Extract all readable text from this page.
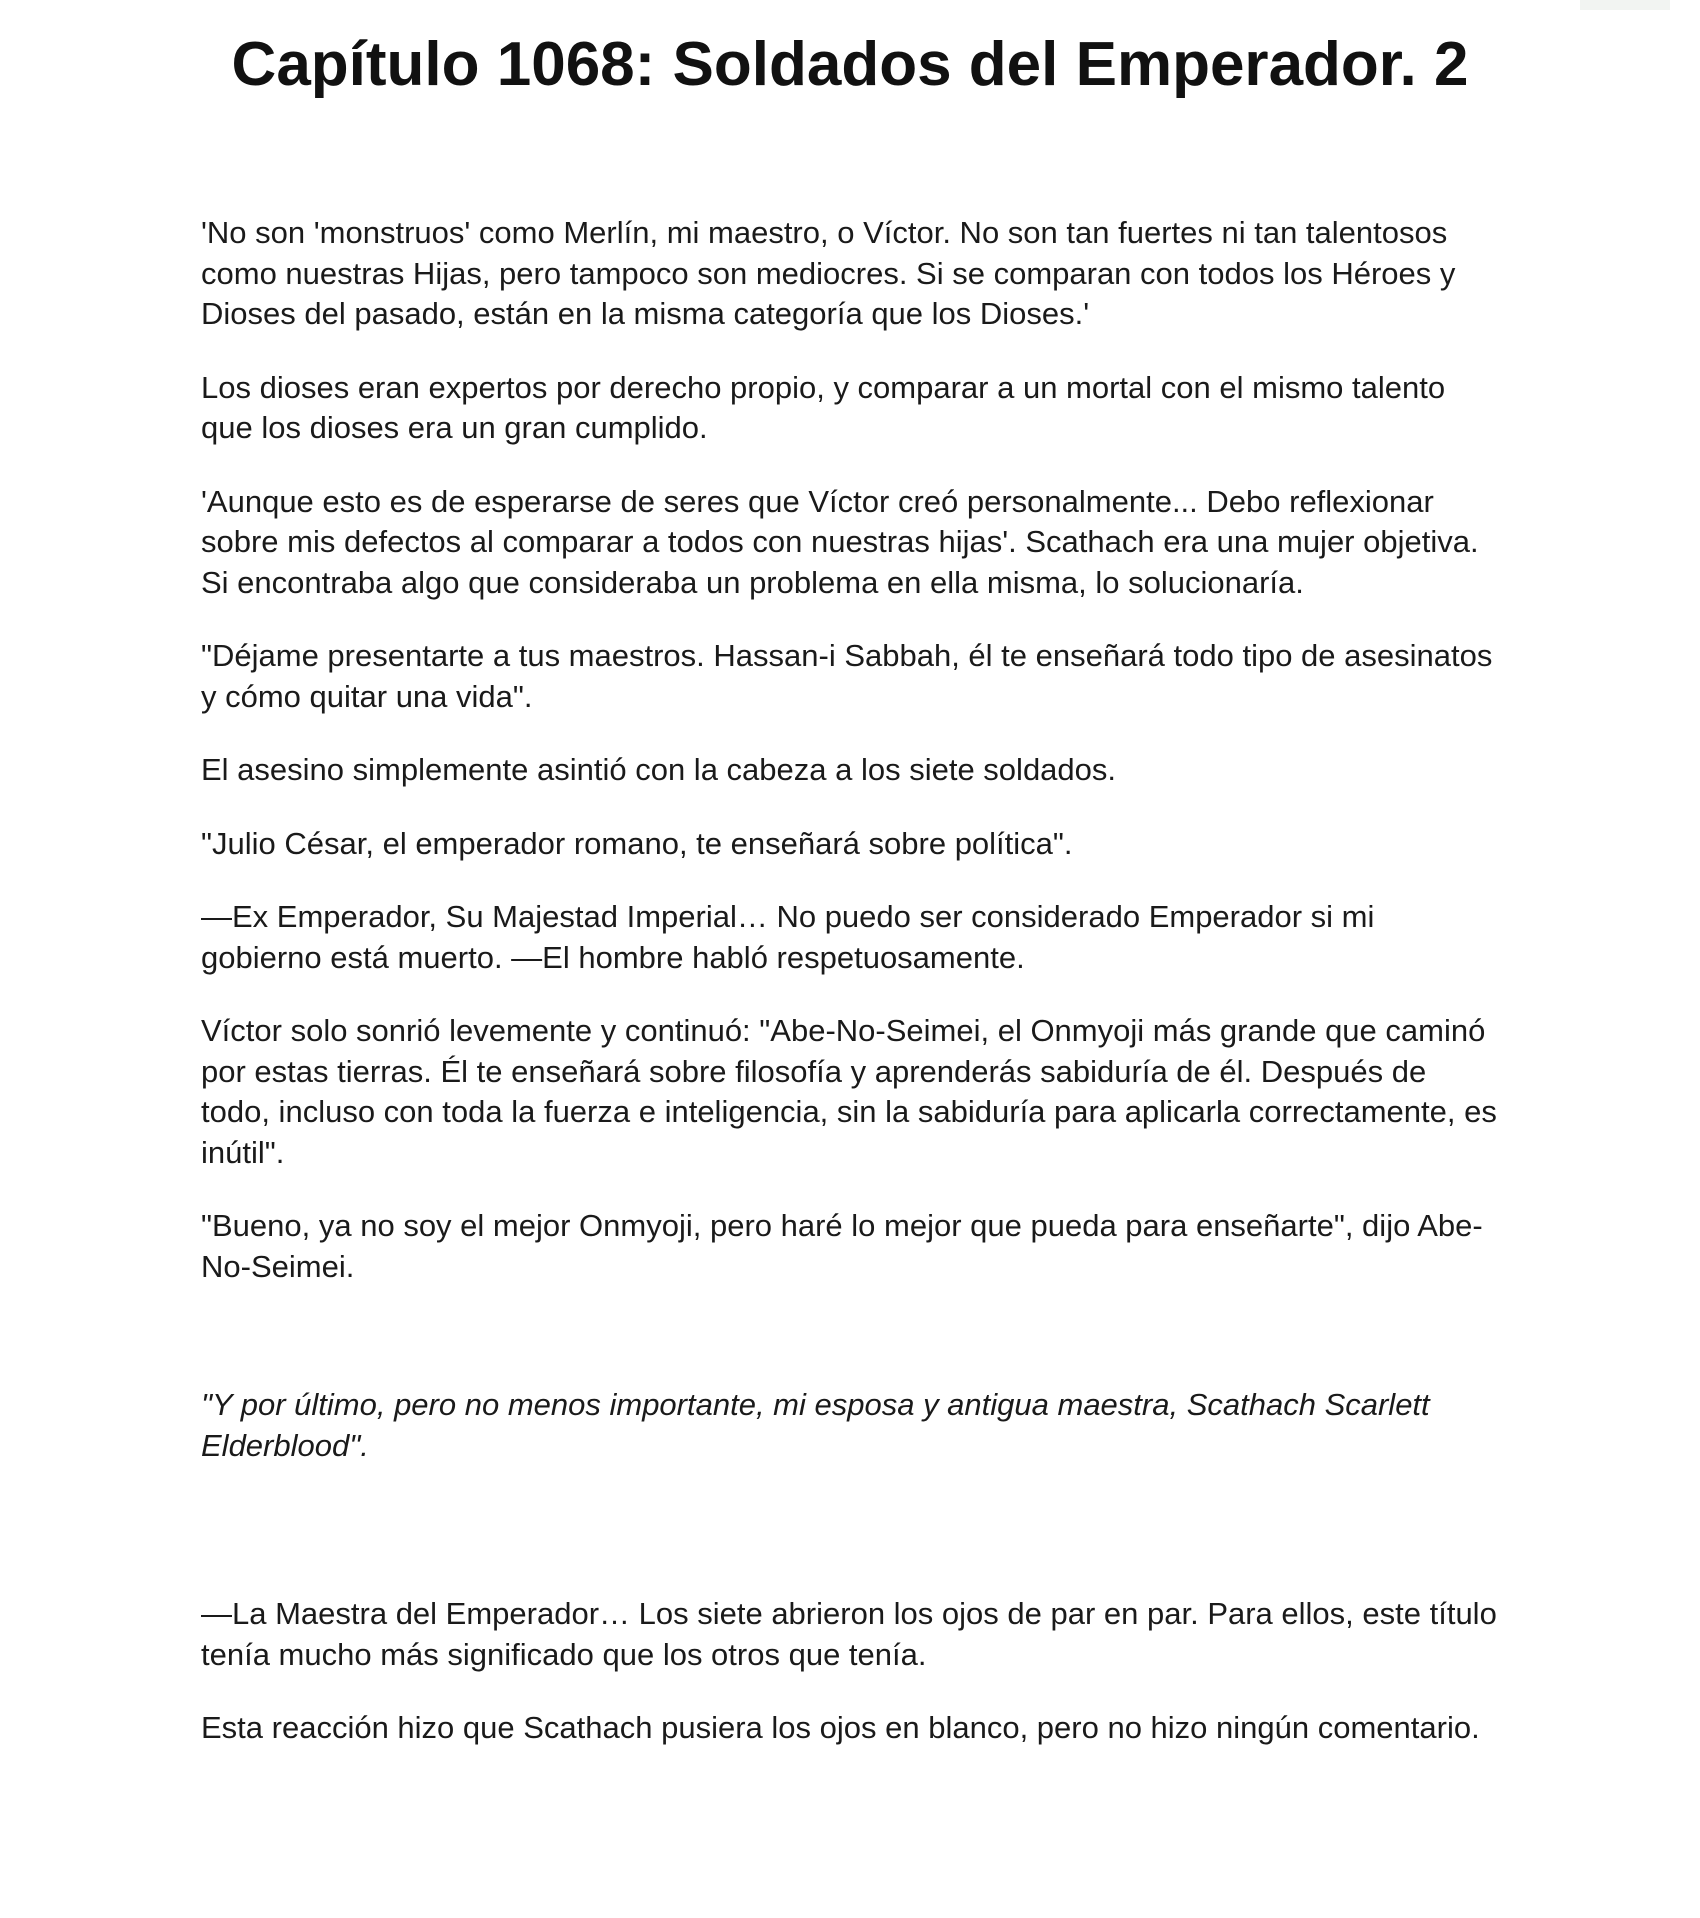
Capítulo 1068: Soldados del Emperador. 2

'No son 'monstruos' como Merlín, mi maestro, o Víctor. No son tan fuertes ni tan talentosos como nuestras Hijas, pero tampoco son mediocres. Si se comparan con todos los Héroes y Dioses del pasado, están en la misma categoría que los Dioses.'

Los dioses eran expertos por derecho propio, y comparar a un mortal con el mismo talento que los dioses era un gran cumplido.

'Aunque esto es de esperarse de seres que Víctor creó personalmente... Debo reflexionar sobre mis defectos al comparar a todos con nuestras hijas'. Scathach era una mujer objetiva. Si encontraba algo que consideraba un problema en ella misma, lo solucionaría.

"Déjame presentarte a tus maestros. Hassan-i Sabbah, él te enseñará todo tipo de asesinatos y cómo quitar una vida".

El asesino simplemente asintió con la cabeza a los siete soldados.

"Julio César, el emperador romano, te enseñará sobre política".

—Ex Emperador, Su Majestad Imperial… No puedo ser considerado Emperador si mi gobierno está muerto. —El hombre habló respetuosamente.

Víctor solo sonrió levemente y continuó: "Abe-No-Seimei, el Onmyoji más grande que caminó por estas tierras. Él te enseñará sobre filosofía y aprenderás sabiduría de él. Después de todo, incluso con toda la fuerza e inteligencia, sin la sabiduría para aplicarla correctamente, es inútil".

"Bueno, ya no soy el mejor Onmyoji, pero haré lo mejor que pueda para enseñarte", dijo Abe-No-Seimei.

"Y por último, pero no menos importante, mi esposa y antigua maestra, Scathach Scarlett Elderblood".

—La Maestra del Emperador… Los siete abrieron los ojos de par en par. Para ellos, este título tenía mucho más significado que los otros que tenía.

Esta reacción hizo que Scathach pusiera los ojos en blanco, pero no hizo ningún comentario.
